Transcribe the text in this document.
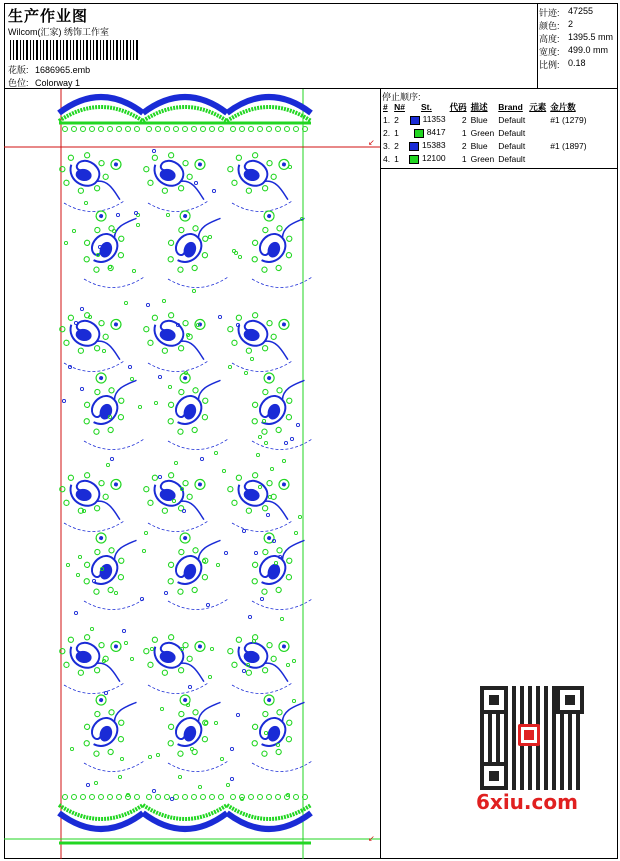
生产作业图
Wilcom(汇家) 绣饰工作室
花版: 1686965.emb
色位: Colorway 1
针迹: 47255
颜色: 2
高度: 1395.5 mm
宽度: 499.0 mm
比例: 0.18
↙
↙
停止顺序:
#	N#	St.	代码	描述	Brand	元素	金片数
1.	2	11353	2	Blue	Default		#1 (1279)
2.	1	8417	1	Green	Default		
3.	2	15383	2	Blue	Default		#1 (1897)
4.	1	12100	1	Green	Default		
6xiu.com
